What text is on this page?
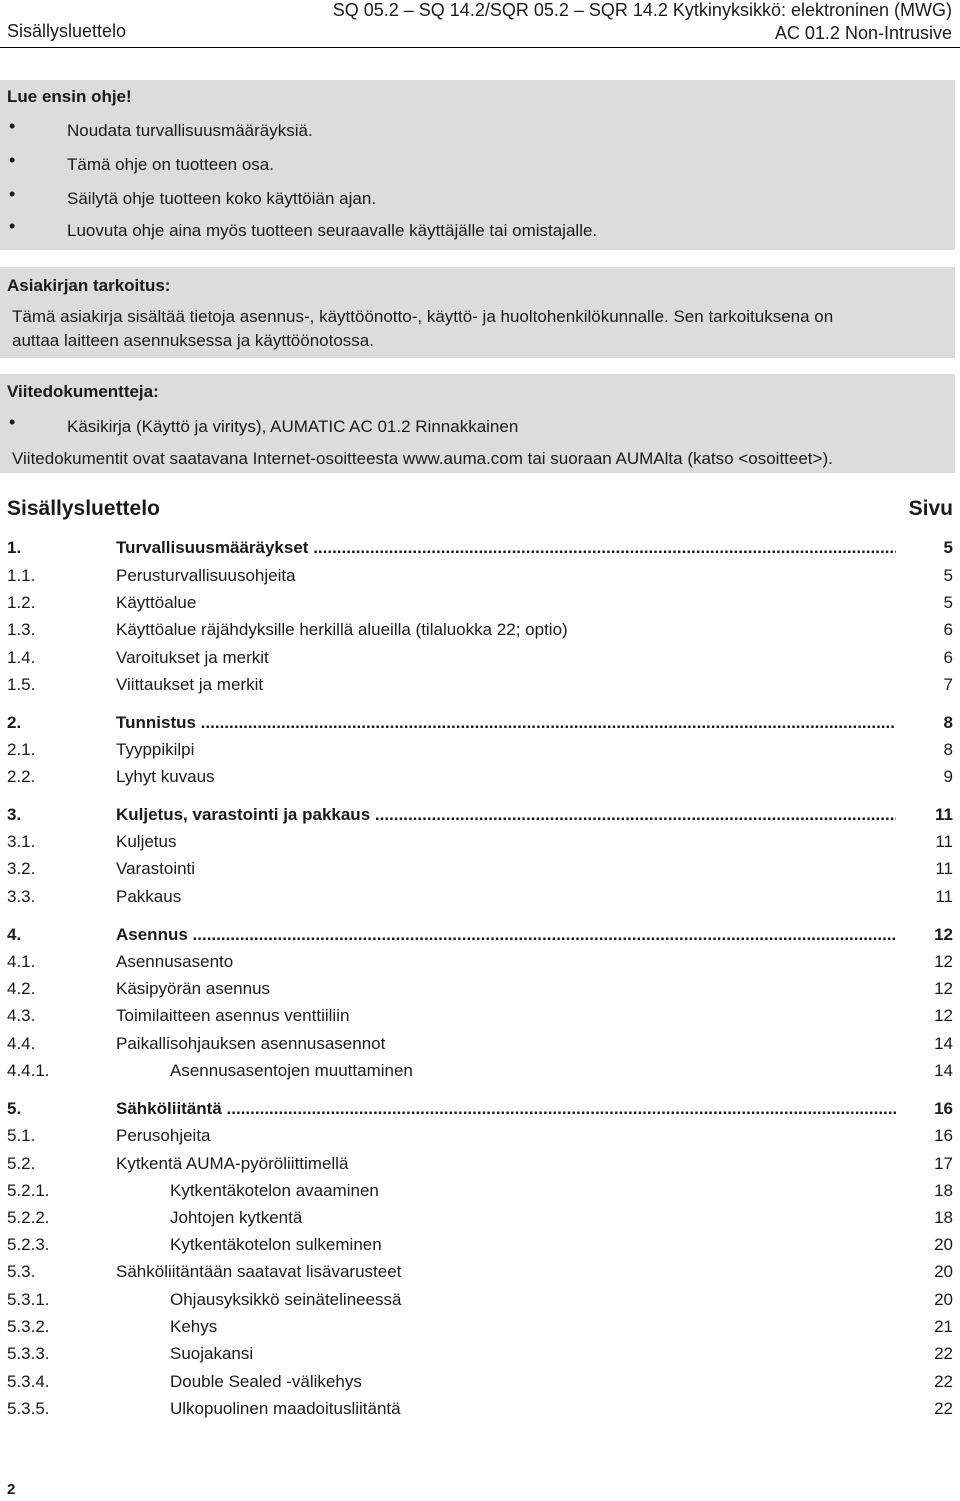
Sisällysluettelo
SQ 05.2 – SQ 14.2/SQR 05.2 – SQR 14.2 Kytkinyksikkö: elektroninen (MWG)
AC 01.2 Non-Intrusive
Lue ensin ohje!
•	Noudata turvallisuusmääräyksiä.
•	Tämä ohje on tuotteen osa.
•	Säilytä ohje tuotteen koko käyttöiän ajan.
•	Luovuta ohje aina myös tuotteen seuraavalle käyttäjälle tai omistajalle.
Asiakirjan tarkoitus:
Tämä asiakirja sisältää tietoja asennus-, käyttöönotto-, käyttö- ja huoltohenkilökunnalle. Sen tarkoituksena on
auttaa laitteen asennuksessa ja käyttöönotossa.
Viitedokumentteja:
•	Käsikirja (Käyttö ja viritys), AUMATIC AC 01.2 Rinnakkainen
Viitedokumentit ovat saatavana Internet-osoitteesta www.auma.com tai suoraan AUMAlta (katso <osoitteet>).
Sisällysluettelo	Sivu
1.	Turvallisuusmääräykset .....	5
1.1.	Perusturvallisuusohjeita	5
1.2.	Käyttöalue	5
1.3.	Käyttöalue räjähdyksille herkillä alueilla (tilaluokka 22; optio)	6
1.4.	Varoitukset ja merkit	6
1.5.	Viittaukset ja merkit	7
2.	Tunnistus .....	8
2.1.	Tyyppikilpi	8
2.2.	Lyhyt kuvaus	9
3.	Kuljetus, varastointi ja pakkaus .....	11
3.1.	Kuljetus	11
3.2.	Varastointi	11
3.3.	Pakkaus	11
4.	Asennus .....	12
4.1.	Asennusasento	12
4.2.	Käsipyörän asennus	12
4.3.	Toimilaitteen asennus venttiiliin	12
4.4.	Paikallisohjauksen asennusasennot	14
4.4.1.	Asennusasentojen muuttaminen	14
5.	Sähköliitäntä .....	16
5.1.	Perusohjeita	16
5.2.	Kytkentä AUMA-pyöröliittimellä	17
5.2.1.	Kytkentäkotelon avaaminen	18
5.2.2.	Johtojen kytkentä	18
5.2.3.	Kytkentäkotelon sulkeminen	20
5.3.	Sähköliitäntään saatavat lisävarusteet	20
5.3.1.	Ohjausyksikkö seinätelineessä	20
5.3.2.	Kehys	21
5.3.3.	Suojakansi	22
5.3.4.	Double Sealed -välikehys	22
5.3.5.	Ulkopuolinen maadoitusliitäntä	22
2
